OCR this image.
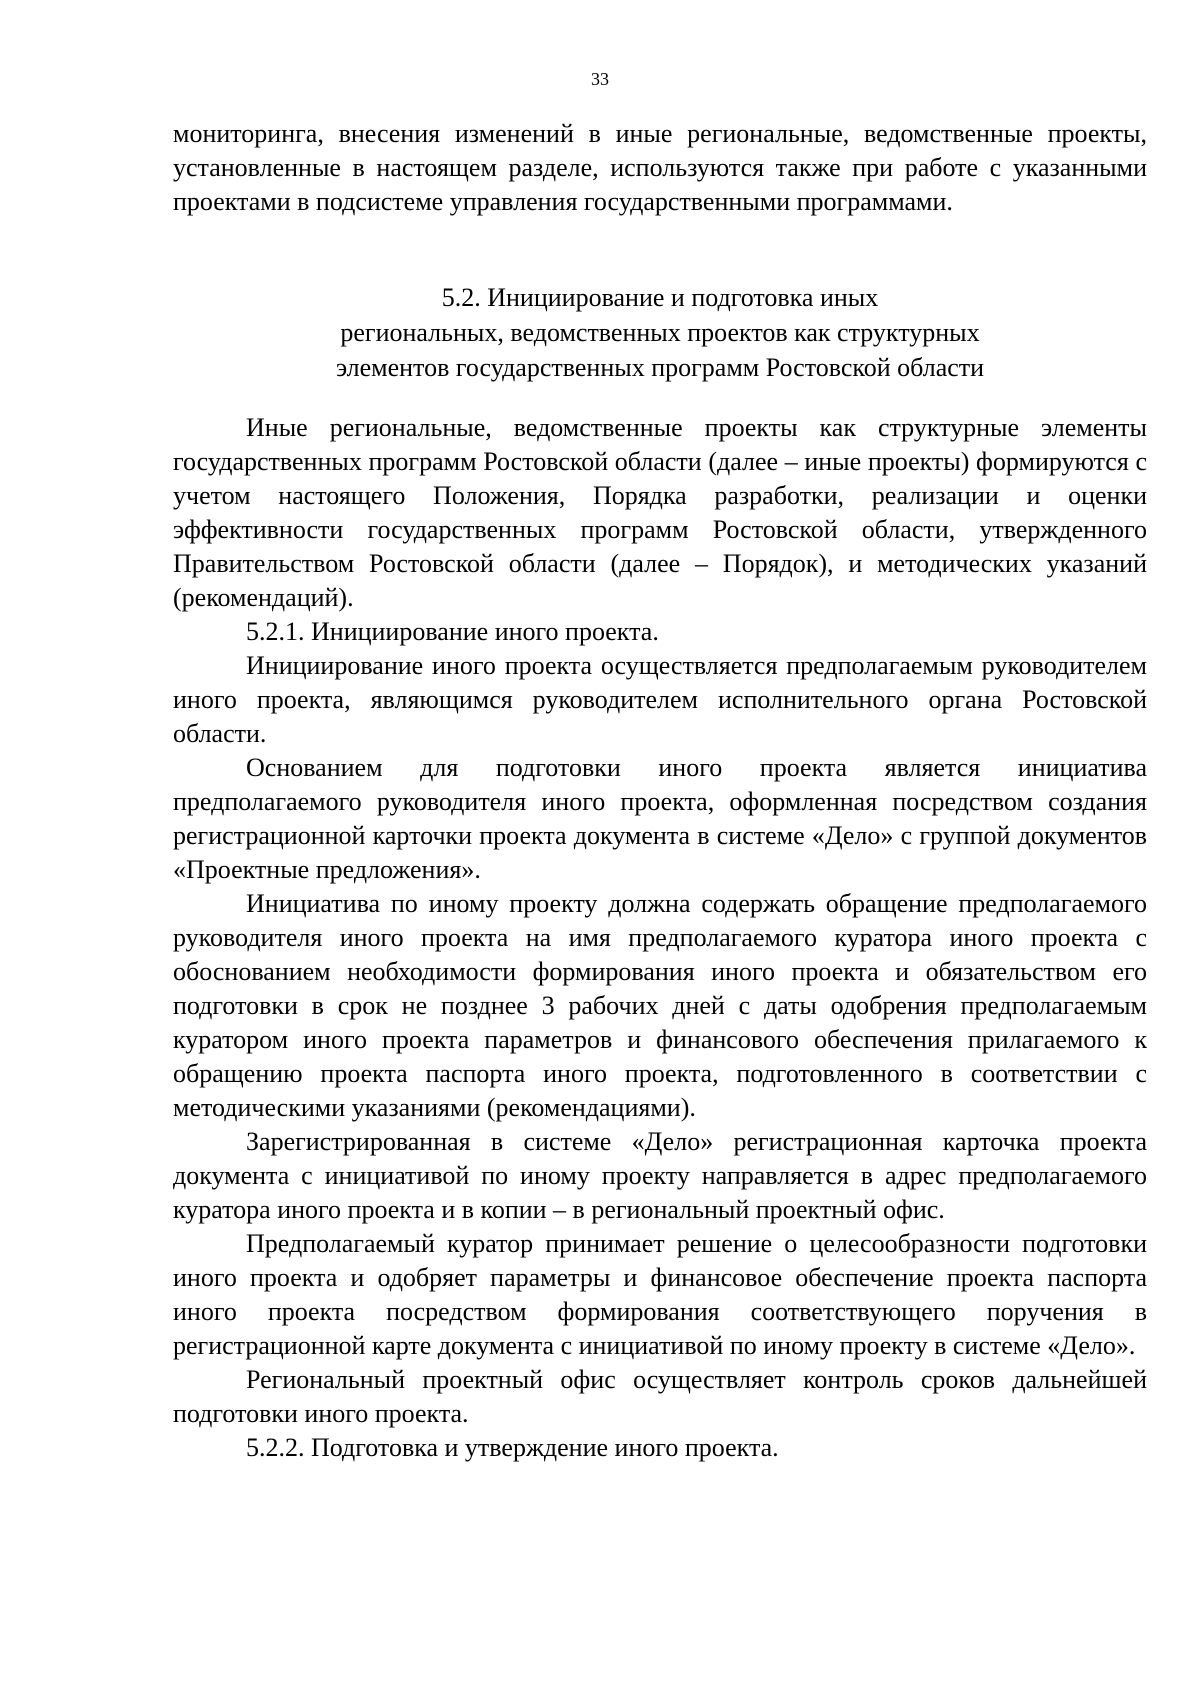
33

мониторинга, внесения изменений в иные региональные, ведомственные проекты, установленные в настоящем разделе, используются также при работе с указанными проектами в подсистеме управления государственными программами.

5.2. Инициирование и подготовка иных
региональных, ведомственных проектов как структурных
элементов государственных программ Ростовской области

Иные региональные, ведомственные проекты как структурные элементы государственных программ Ростовской области (далее – иные проекты) формируются с учетом настоящего Положения, Порядка разработки, реализации и оценки эффективности государственных программ Ростовской области, утвержденного Правительством Ростовской области (далее – Порядок), и методических указаний (рекомендаций).

5.2.1. Инициирование иного проекта.

Инициирование иного проекта осуществляется предполагаемым руководителем иного проекта, являющимся руководителем исполнительного органа Ростовской области.

Основанием для подготовки иного проекта является инициатива предполагаемого руководителя иного проекта, оформленная посредством создания регистрационной карточки проекта документа в системе «Дело» с группой документов «Проектные предложения».

Инициатива по иному проекту должна содержать обращение предполагаемого руководителя иного проекта на имя предполагаемого куратора иного проекта с обоснованием необходимости формирования иного проекта и обязательством его подготовки в срок не позднее 3 рабочих дней с даты одобрения предполагаемым куратором иного проекта параметров и финансового обеспечения прилагаемого к обращению проекта паспорта иного проекта, подготовленного в соответствии с методическими указаниями (рекомендациями).

Зарегистрированная в системе «Дело» регистрационная карточка проекта документа с инициативой по иному проекту направляется в адрес предполагаемого куратора иного проекта и в копии – в региональный проектный офис.

Предполагаемый куратор принимает решение о целесообразности подготовки иного проекта и одобряет параметры и финансовое обеспечение проекта паспорта иного проекта посредством формирования соответствующего поручения в регистрационной карте документа с инициативой по иному проекту в системе «Дело».

Региональный проектный офис осуществляет контроль сроков дальнейшей подготовки иного проекта.

5.2.2. Подготовка и утверждение иного проекта.
